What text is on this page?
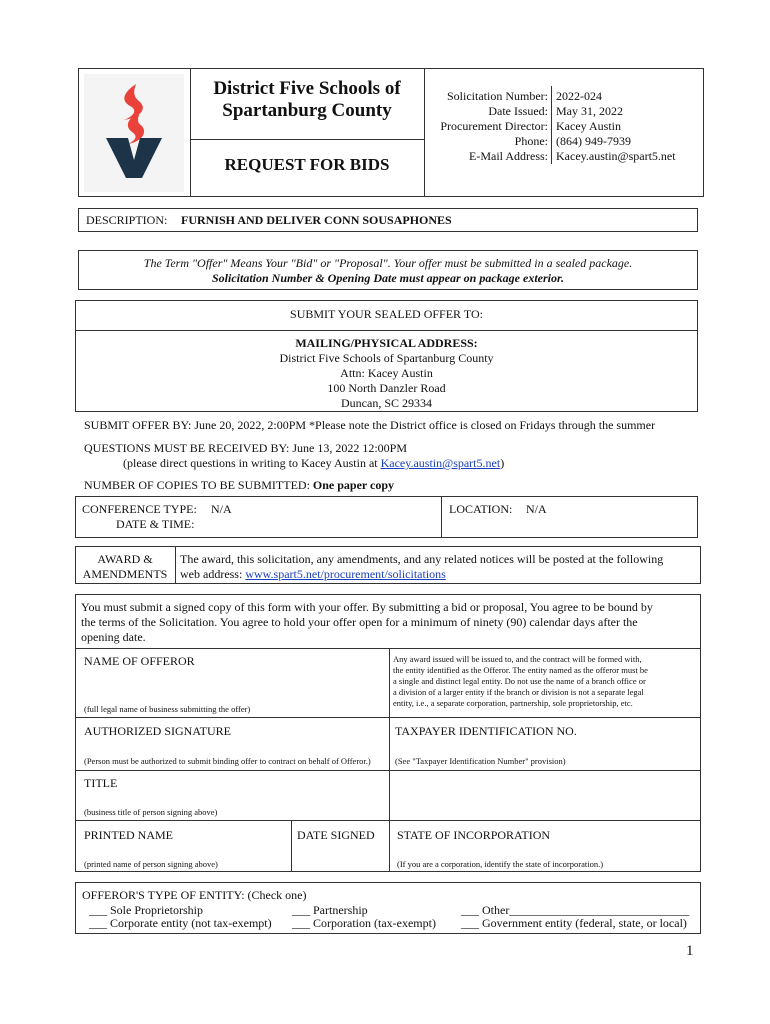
District Five Schools of
Spartanburg County
REQUEST FOR BIDS
Solicitation Number: 2022-024
Date Issued: May 31, 2022
Procurement Director: Kacey Austin
Phone: (864) 949-7939
E-Mail Address: Kacey.austin@spart5.net
DESCRIPTION: FURNISH AND DELIVER CONN SOUSAPHONES
The Term "Offer" Means Your "Bid" or "Proposal". Your offer must be submitted in a sealed package.
Solicitation Number & Opening Date must appear on package exterior.
SUBMIT YOUR SEALED OFFER TO:
MAILING/PHYSICAL ADDRESS:
District Five Schools of Spartanburg County
Attn: Kacey Austin
100 North Danzler Road
Duncan, SC 29334
SUBMIT OFFER BY: June 20, 2022, 2:00PM *Please note the District office is closed on Fridays through the summer
QUESTIONS MUST BE RECEIVED BY: June 13, 2022 12:00PM
(please direct questions in writing to Kacey Austin at Kacey.austin@spart5.net)
NUMBER OF COPIES TO BE SUBMITTED: One paper copy
CONFERENCE TYPE: N/A
DATE & TIME:
LOCATION: N/A
AWARD &
AMENDMENTS
The award, this solicitation, any amendments, and any related notices will be posted at the following
web address: www.spart5.net/procurement/solicitations
You must submit a signed copy of this form with your offer. By submitting a bid or proposal, You agree to be bound by
the terms of the Solicitation. You agree to hold your offer open for a minimum of ninety (90) calendar days after the
opening date.
NAME OF OFFEROR
(full legal name of business submitting the offer)
Any award issued will be issued to, and the contract will be formed with,
the entity identified as the Offeror. The entity named as the offeror must be
a single and distinct legal entity. Do not use the name of a branch office or
a division of a larger entity if the branch or division is not a separate legal
entity, i.e., a separate corporation, partnership, sole proprietorship, etc.
AUTHORIZED SIGNATURE
(Person must be authorized to submit binding offer to contract on behalf of Offeror.)
TAXPAYER IDENTIFICATION NO.
(See "Taxpayer Identification Number" provision)
TITLE
(business title of person signing above)
PRINTED NAME
(printed name of person signing above)
DATE SIGNED STATE OF INCORPORATION
(If you are a corporation, identify the state of incorporation.)
OFFEROR'S TYPE OF ENTITY: (Check one)
___ Sole Proprietorship	___ Partnership	___ Other______________________________
___ Corporate entity (not tax-exempt) ___ Corporation (tax-exempt) ___ Government entity (federal, state, or local)
1
